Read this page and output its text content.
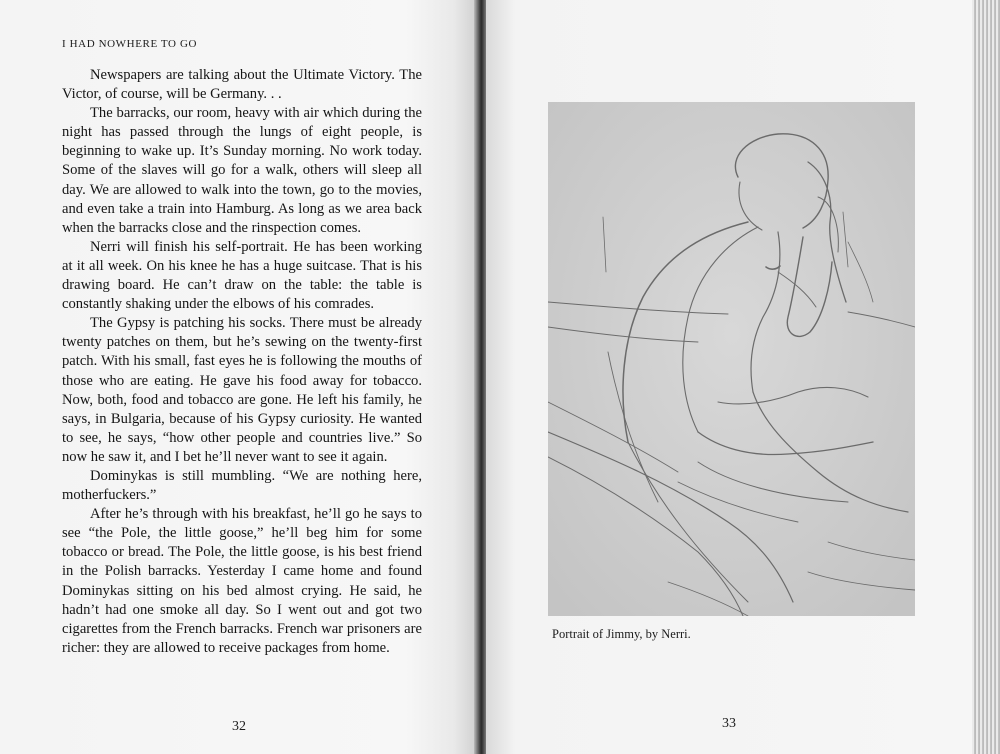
I HAD NOWHERE TO GO

Newspapers are talking about the Ultimate Victory. The Victor, of course, will be Germany. . .

The barracks, our room, heavy with air which during the night has passed through the lungs of eight people, is beginning to wake up. It’s Sunday morning. No work today. Some of the slaves will go for a walk, others will sleep all day. We are allowed to walk into the town, go to the movies, and even take a train into Hamburg. As long as we area back when the barracks close and the rinspection comes.

Nerri will finish his self-portrait. He has been working at it all week. On his knee he has a huge suitcase. That is his drawing board. He can’t draw on the table: the table is constantly shaking under the elbows of his comrades.

The Gypsy is patching his socks. There must be already twenty patches on them, but he’s sewing on the twenty-first patch. With his small, fast eyes he is following the mouths of those who are eating. He gave his food away for tobacco. Now, both, food and tobacco are gone. He left his family, he says, in Bulgaria, because of his Gypsy curiosity. He wanted to see, he says, “how other people and countries live.” So now he saw it, and I bet he’ll never want to see it again.

Dominykas is still mumbling. “We are nothing here, motherfuckers.”

After he’s through with his breakfast, he’ll go he says to see “the Pole, the little goose,” he’ll beg him for some tobacco or bread. The Pole, the little goose, is his best friend in the Polish barracks. Yesterday I came home and found Dominykas sitting on his bed almost crying. He said, he hadn’t had one smoke all day. So I went out and got two cigarettes from the French barracks. French war prisoners are richer: they are allowed to receive packages from home.

32
Portrait of Jimmy, by Nerri.
33
